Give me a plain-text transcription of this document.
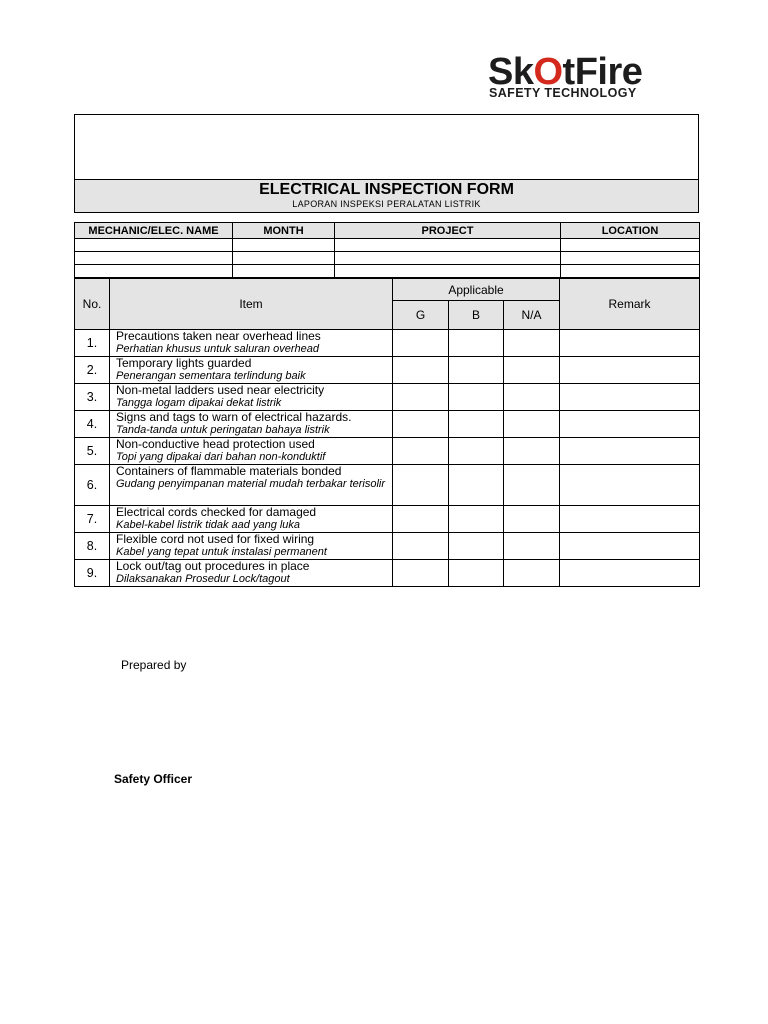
SkOtFire
SAFETY TECHNOLOGY
ELECTRICAL INSPECTION FORM
LAPORAN INSPEKSI PERALATAN LISTRIK
MECHANIC/ELEC. NAME	MONTH	PROJECT	LOCATION

No.	Item	Applicable			Remark
		G	B	N/A	
1.	Precautions taken near overhead lines
Perhatian khusus untuk saluran overhead				

2.	Temporary lights guarded
Penerangan sementara terlindung baik				

3.	Non-metal ladders used near electricity
Tangga logam dipakai dekat listrik				

4.	Signs and tags to warn of electrical hazards.
Tanda-tanda untuk peringatan bahaya listrik				

5.	Non-conductive head protection used
Topi yang dipakai dari bahan non-konduktif				

6.	Containers of flammable materials bonded
Gudang penyimpanan material mudah terbakar terisolir				

7.	Electrical cords checked for damaged
Kabel-kabel listrik tidak aad yang luka				

8.	Flexible cord not used for fixed wiring
Kabel yang tepat untuk instalasi permanent				

9.	Lock out/tag out procedures in place
Dilaksanakan Prosedur Lock/tagout				

Prepared by
Safety Officer
